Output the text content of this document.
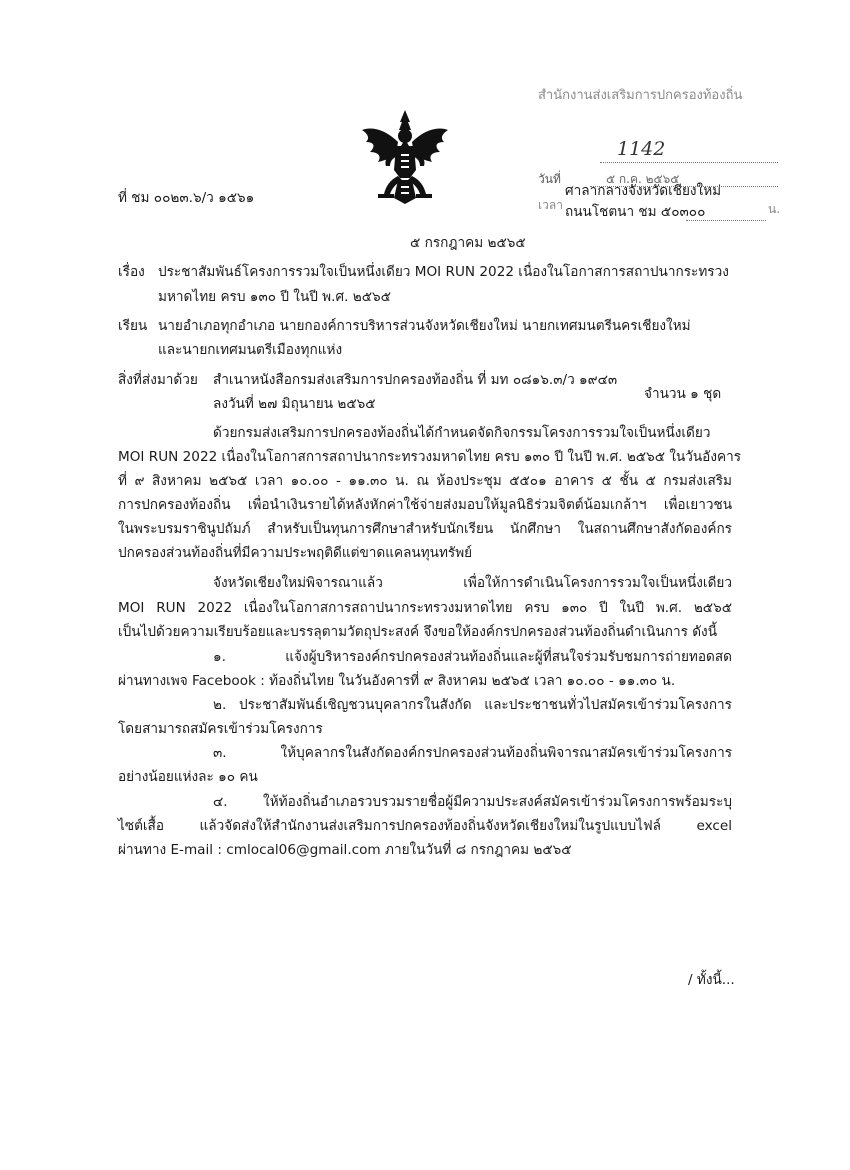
สำนักงานส่งเสริมการปกครองท้องถิ่น
1142
วันที่	๕ ก.ค. ๒๕๖๕
เวลา	น.
ที่ ชม ๐๐๒๓.๖/ว ๑๕๖๑	ศาลากลางจังหวัดเชียงใหม่
ถนนโชตนา ชม ๕๐๓๐๐
๕ กรกฎาคม ๒๕๖๕
เรื่อง ประชาสัมพันธ์โครงการรวมใจเป็นหนึ่งเดียว MOI RUN 2022 เนื่องในโอกาสการสถาปนากระทรวง
มหาดไทย ครบ ๑๓๐ ปี ในปี พ.ศ. ๒๕๖๕
เรียน นายอำเภอทุกอำเภอ นายกองค์การบริหารส่วนจังหวัดเชียงใหม่ นายกเทศมนตรีนครเชียงใหม่
และนายกเทศมนตรีเมืองทุกแห่ง
สิ่งที่ส่งมาด้วย สำเนาหนังสือกรมส่งเสริมการปกครองท้องถิ่น ที่ มท ๐๘๑๖.๓/ว ๑๙๔๓
ลงวันที่ ๒๗ มิถุนายน ๒๕๖๕
จำนวน ๑ ชุด
ด้วยกรมส่งเสริมการปกครองท้องถิ่นได้กำหนดจัดกิจกรรมโครงการรวมใจเป็นหนึ่งเดียว
MOI RUN 2022 เนื่องในโอกาสการสถาปนากระทรวงมหาดไทย ครบ ๑๓๐ ปี ในปี พ.ศ. ๒๕๖๕ ในวันอังคาร
ที่ ๙ สิงหาคม ๒๕๖๕ เวลา ๑๐.๐๐ - ๑๑.๓๐ น. ณ ห้องประชุม ๕๕๐๑ อาคาร ๕ ชั้น ๕ กรมส่งเสริม
การปกครองท้องถิ่น เพื่อนำเงินรายได้หลังหักค่าใช้จ่ายส่งมอบให้มูลนิธิร่วมจิตต์น้อมเกล้าฯ เพื่อเยาวชน
ในพระบรมราชินูปถัมภ์ สำหรับเป็นทุนการศึกษาสำหรับนักเรียน นักศึกษา ในสถานศึกษาสังกัดองค์กร
ปกครองส่วนท้องถิ่นที่มีความประพฤติดีแต่ขาดแคลนทุนทรัพย์
จังหวัดเชียงใหม่พิจารณาแล้ว เพื่อให้การดำเนินโครงการรวมใจเป็นหนึ่งเดียว
MOI RUN 2022 เนื่องในโอกาสการสถาปนากระทรวงมหาดไทย ครบ ๑๓๐ ปี ในปี พ.ศ. ๒๕๖๕
เป็นไปด้วยความเรียบร้อยและบรรลุตามวัตถุประสงค์ จึงขอให้องค์กรปกครองส่วนท้องถิ่นดำเนินการ ดังนี้
๑. แจ้งผู้บริหารองค์กรปกครองส่วนท้องถิ่นและผู้ที่สนใจร่วมรับชมการถ่ายทอดสด
ผ่านทางเพจ Facebook : ท้องถิ่นไทย ในวันอังคารที่ ๙ สิงหาคม ๒๕๖๕ เวลา ๑๐.๐๐ - ๑๑.๓๐ น.
๒. ประชาสัมพันธ์เชิญชวนบุคลากรในสังกัด และประชาชนทั่วไปสมัครเข้าร่วมโครงการ
โดยสามารถสมัครเข้าร่วมโครงการ
๓. ให้บุคลากรในสังกัดองค์กรปกครองส่วนท้องถิ่นพิจารณาสมัครเข้าร่วมโครงการ
อย่างน้อยแห่งละ ๑๐ คน
๔. ให้ท้องถิ่นอำเภอรวบรวมรายชื่อผู้มีความประสงค์สมัครเข้าร่วมโครงการพร้อมระบุ
ไซต์เสื้อ แล้วจัดส่งให้สำนักงานส่งเสริมการปกครองท้องถิ่นจังหวัดเชียงใหม่ในรูปแบบไฟล์ excel
ผ่านทาง E-mail : cmlocal06@gmail.com ภายในวันที่ ๘ กรกฎาคม ๒๕๖๕
/ ทั้งนี้...
